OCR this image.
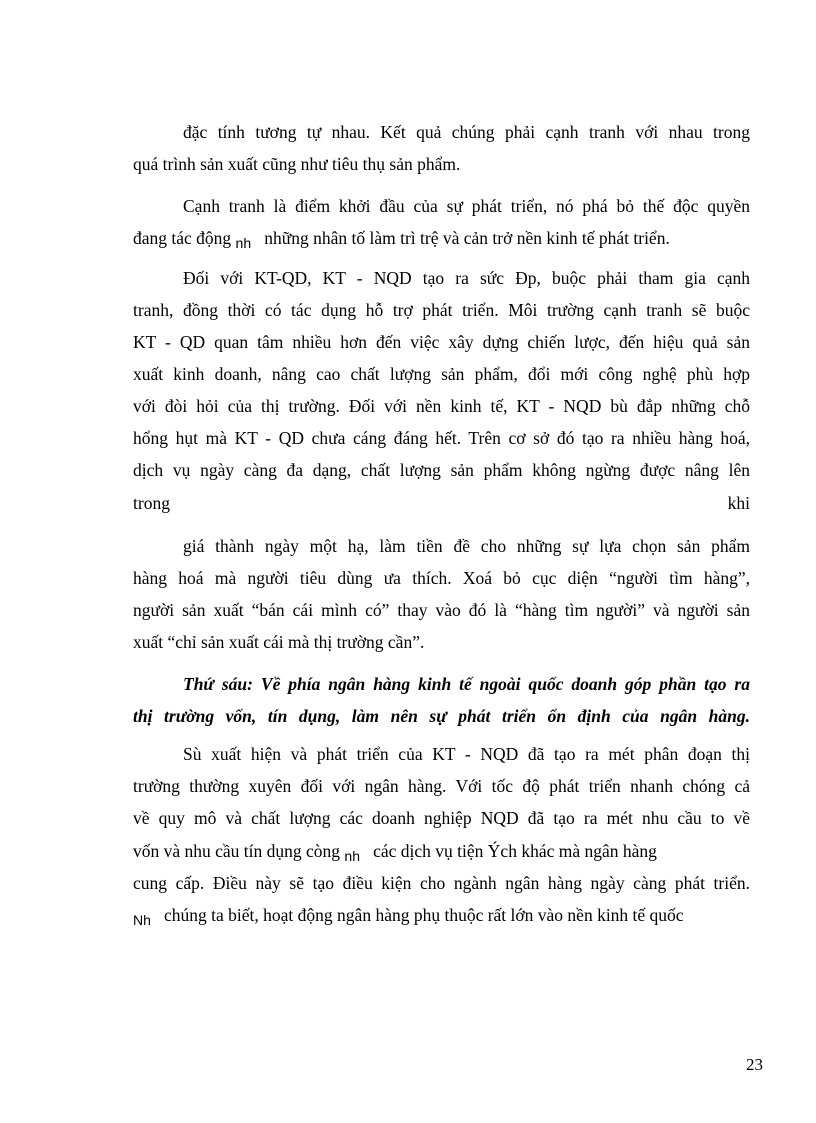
đặc tính tương tự nhau. Kết quả chúng phải cạnh tranh với nhau trong

quá trình sản xuất cũng như tiêu thụ sản phẩm.

Cạnh tranh là điểm khởi đầu của sự phát triển, nó phá bỏ thế độc quyền

đang tác động $_{nh}$ những nhân tố làm trì trệ và cản trở nền kinh tế phát triển.

Đối với KT-QD, KT - NQD tạo ra sức Đp, buộc phải tham gia cạnh

tranh, đồng thời có tác dụng hỗ trợ phát triển. Môi trường cạnh tranh sẽ buộc

KT - QD quan tâm nhiều hơn đến việc xây dựng chiến lược, đến hiệu quả sản

xuất kinh doanh, nâng cao chất lượng sản phẩm, đổi mới công nghệ phù hợp

với đòi hỏi của thị trường. Đối với nền kinh tế, KT - NQD bù đắp những chỗ

hổng hụt mà KT - QD chưa cáng đáng hết. Trên cơ sở đó tạo ra nhiều hàng hoá,

dịch vụ ngày càng đa dạng, chất lượng sản phẩm không ngừng được nâng lên

trong	khi

giá thành ngày một hạ, làm tiền đề cho những sự lựa chọn sản phẩm

hàng hoá mà người tiêu dùng ưa thích. Xoá bỏ cục diện “người tìm hàng”,

người sản xuất “bán cái mình có” thay vào đó là “hàng tìm người” và người sản

xuất “chỉ sản xuất cái mà thị trường cần”.

Thứ sáu: Về phía ngân hàng kinh tế ngoài quốc doanh góp phần tạo ra

thị trường vốn, tín dụng, làm nên sự phát triển ổn định của ngân hàng.

Sù xuất hiện và phát triển của KT - NQD đã tạo ra mét phân đoạn thị

trường thường xuyên đối với ngân hàng. Với tốc độ phát triển nhanh chóng cả

về quy mô và chất lượng các doanh nghiệp NQD đã tạo ra mét nhu cầu to về

vốn và nhu cầu tín dụng còng $_{nh}$ các dịch vụ tiện Ých khác mà ngân hàng

cung cấp. Điều này sẽ tạo điều kiện cho ngành ngân hàng ngày càng phát triển.

$_{Nh}$ chúng ta biết, hoạt động ngân hàng phụ thuộc rất lớn vào nền kinh tế quốc

23
